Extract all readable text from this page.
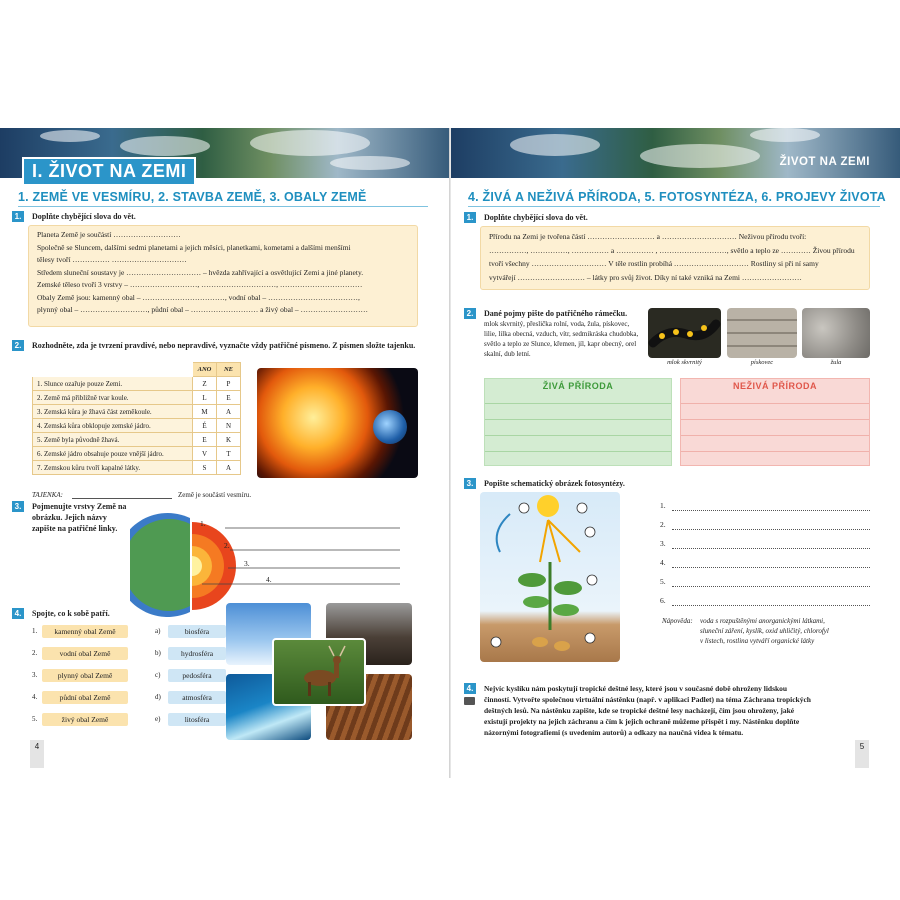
I. ŽIVOT NA ZEMI
1. ZEMĚ VE VESMÍRU, 2. STAVBA ZEMĚ, 3. OBALY ZEMĚ
1.	Doplňte chybějící slova do vět.
Planeta Země je součástí ………………………
Společně se Sluncem, dalšími sedmi planetami a jejich měsíci, planetkami, kometami a dalšími menšími
tělesy tvoří …………… …………………………
Středem sluneční soustavy je ………………………… – hvězda zahřívající a osvětlující Zemi a jiné planety.
Zemské těleso tvoří 3 vrstvy – ………………………, …………………………, ……………………………
Obaly Země jsou: kamenný obal – ……………………………, vodní obal – ………………………………,
plynný obal – ………………………, půdní obal – ……………………… a živý obal – ………………………
2.	Rozhodněte, zda je tvrzení pravdivé, nebo nepravdivé, vyznačte vždy patřičné písmeno. Z písmen složte tajenku.
	ANO	NE
1. Slunce ozařuje pouze Zemi.	Z	P
2. Země má přibližně tvar koule.	L	E
3. Zemská kůra je žhavá část zeměkoule.	M	A
4. Zemská kůra obklopuje zemské jádro.	É	N
5. Země byla původně žhavá.	E	K
6. Zemské jádro obsahuje pouze vnější jádro.	V	T
7. Zemskou kůru tvoří kapalné látky.	S	A
TAJENKA:	Země je součástí vesmíru.
3.	Pojmenujte vrstvy Země na obrázku. Jejich názvy zapište na patřičné linky.
1.
2.
3.
4.
4.	Spojte, co k sobě patří.
4
1.	kamenný obal Země
2.	vodní obal Země
3.	plynný obal Země
4.	půdní obal Země
5.	živý obal Země
a)	biosféra
b)	hydrosféra
c)	pedosféra
d)	atmosféra
e)	litosféra
ŽIVOT NA ZEMI
4. ŽIVÁ A NEŽIVÁ PŘÍRODA, 5. FOTOSYNTÉZA, 6. PROJEVY ŽIVOTA
1.	Doplňte chybějící slova do vět.
Přírodu na Zemi je tvořena částí ……………………… a ………………………… Neživou přírodu tvoří:
……………, ……………, …………… a …………… , ………………………, světlo a teplo ze ………… Živou přírodu
tvoří všechny ………………………… V těle rostlin probíhá ………………………… Rostliny si při ní samy
vytvářejí ……………………… – látky pro svůj život. Díky ní také vzniká na Zemi ……………………
2.	Dané pojmy pište do patřičného rámečku.
mlok skvrnitý, přeslička rolní, voda, žula, pískovec, lilie, lilka obecná, vzduch, vítr, sedmikráska chudobka, světlo a teplo ze Slunce, křemen, jíl, kapr obecný, orel skalní, dub letní.
mlok skvrnitý	pískovec	žula
ŽIVÁ PŘÍRODA	NEŽIVÁ PŘÍRODA
3.	Popište schematický obrázek fotosyntézy.
Nápověda: voda s rozpuštěnými anorganickými látkami,
sluneční záření, kyslík, oxid uhličitý, chlorofyl
v listech, rostlina vytváří organické látky
4.	Nejvíc kyslíku nám poskytují tropické deštné lesy, které jsou v současné době ohroženy lidskou
činností. Vytvořte společnou virtuální nástěnku (např. v aplikaci Padlet) na téma Záchrana tropických
deštných lesů. Na nástěnku zapište, kde se tropické deštné lesy nacházejí, čím jsou ohroženy, jaké
existují projekty na jejich záchranu a čím k jejich ochraně můžeme přispět i my. Nástěnku doplňte
názornými fotografiemi (s uvedením autorů) a odkazy na naučná videa k tématu.
5
1.
2.
3.
4.
5.
6.
